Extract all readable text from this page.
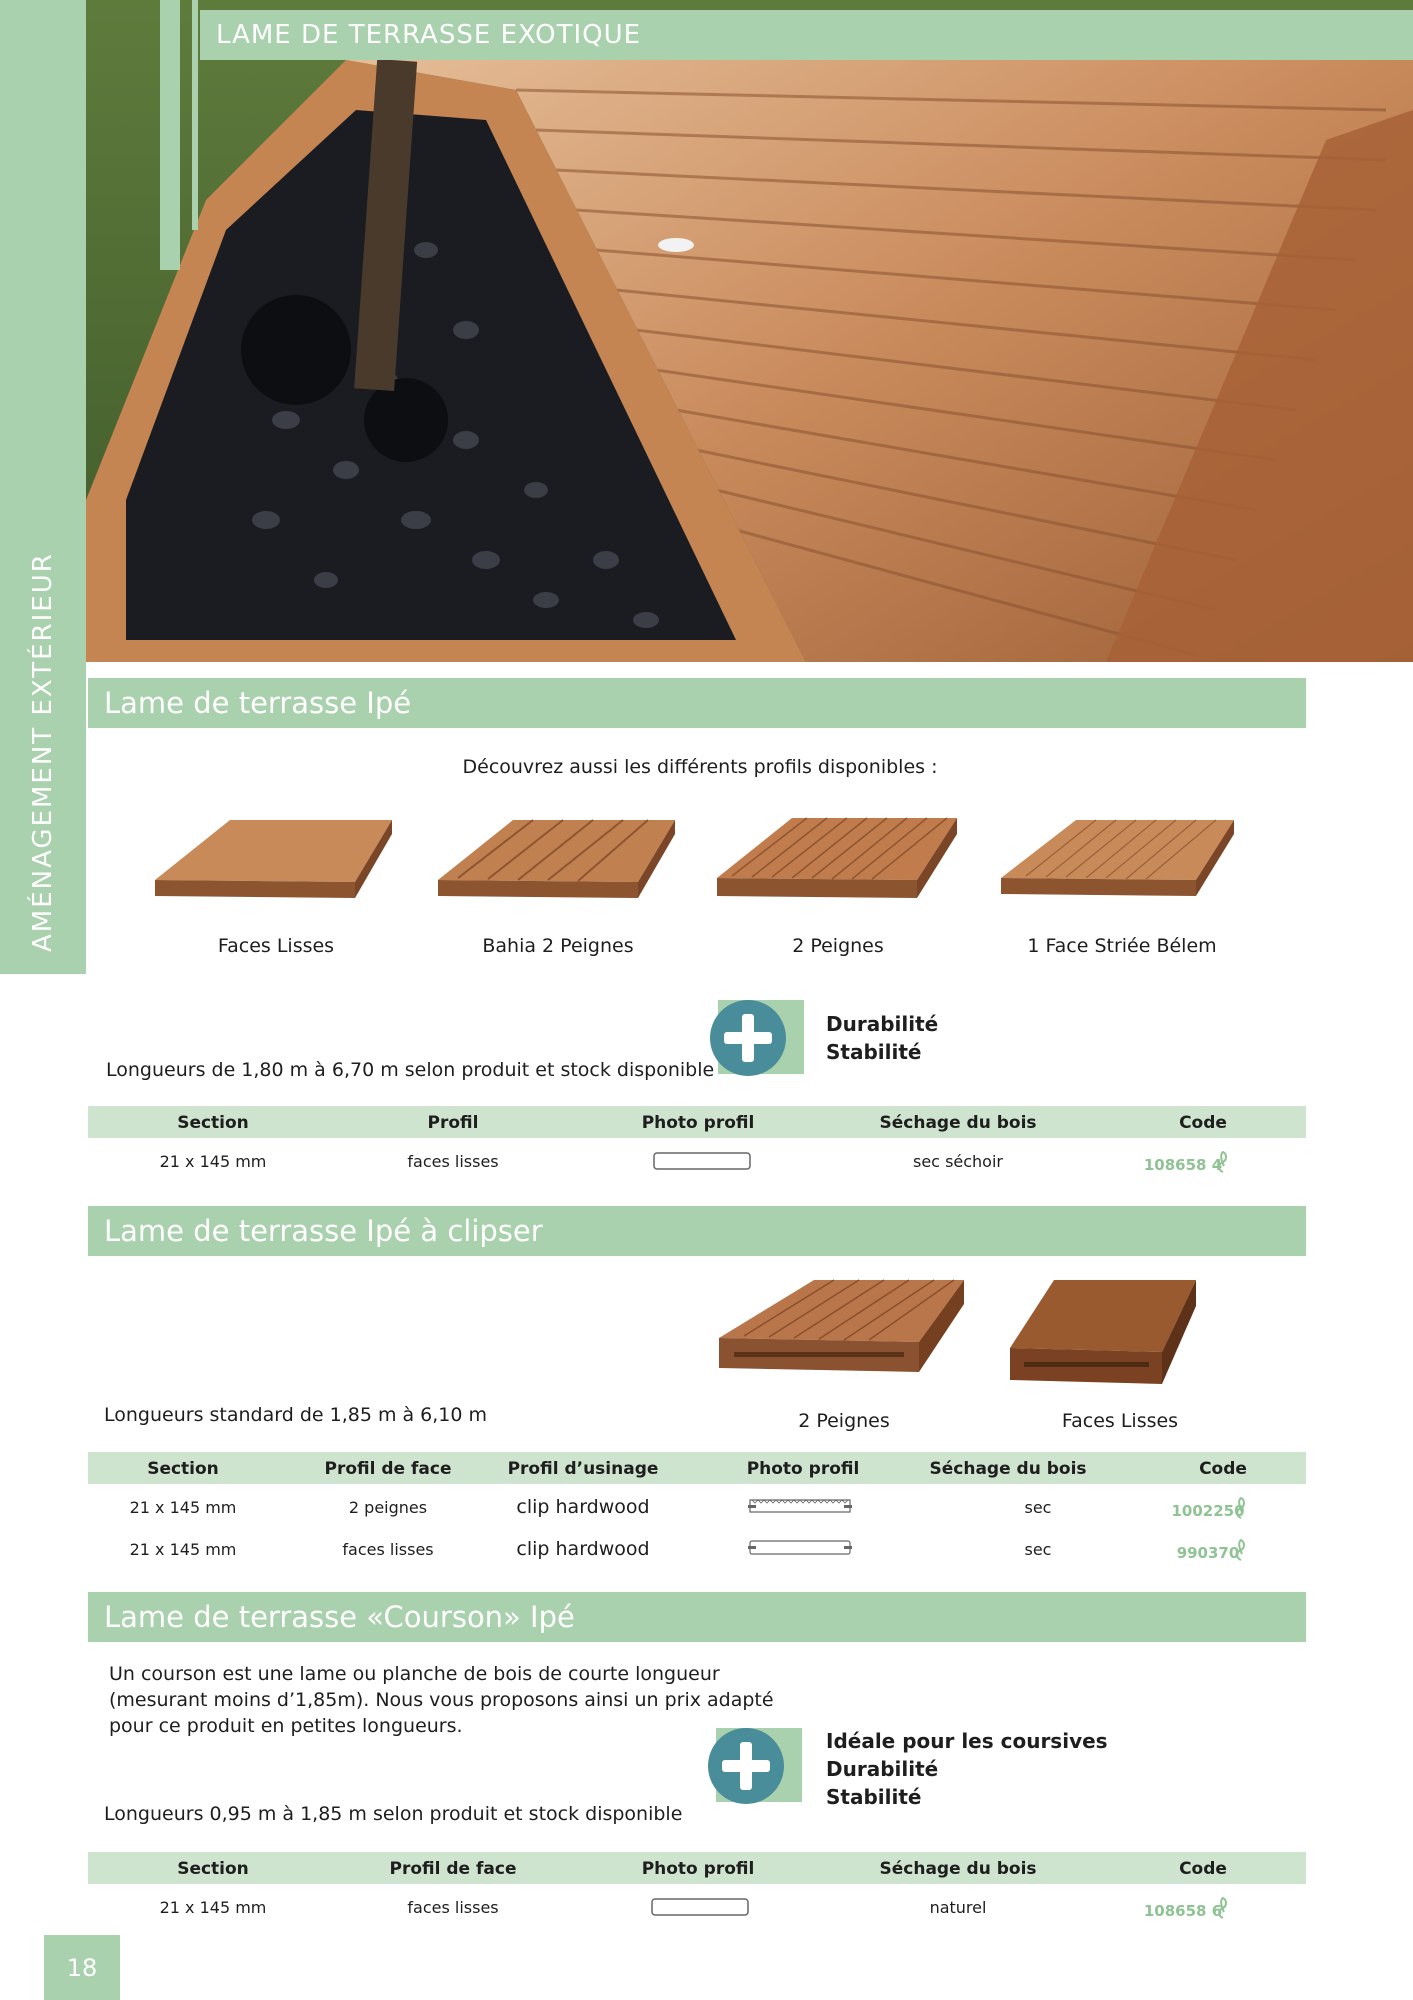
AMÉNAGEMENT EXTÉRIEUR
LAME DE TERRASSE EXOTIQUE
Lame de terrasse Ipé
Découvrez aussi les différents profils disponibles :
Faces Lisses	Bahia 2 Peignes	2 Peignes	1 Face Striée Bélem
Durabilité
Stabilité
Longueurs de 1,80 m à 6,70 m selon produit et stock disponible
Section	Profil	Photo profil	Séchage du bois	Code
21 x 145 mm	faces lisses	sec séchoir	108658 4
Lame de terrasse Ipé à clipser
Longueurs standard de 1,85 m à 6,10 m	2 Peignes	Faces Lisses
Section	Profil de face	Profil d’usinage	Photo profil	Séchage du bois	Code
21 x 145 mm	2 peignes	clip hardwood	sec	1002250
21 x 145 mm	faces lisses	clip hardwood	sec	990370
Lame de terrasse «Courson» Ipé
Un courson est une lame ou planche de bois de courte longueur
(mesurant moins d’1,85m). Nous vous proposons ainsi un prix adapté
pour ce produit en petites longueurs.
Idéale pour les coursives
Durabilité
Stabilité
Longueurs 0,95 m à 1,85 m selon produit et stock disponible
Section	Profil de face	Photo profil	Séchage du bois	Code
21 x 145 mm	faces lisses	naturel	108658 6
18
